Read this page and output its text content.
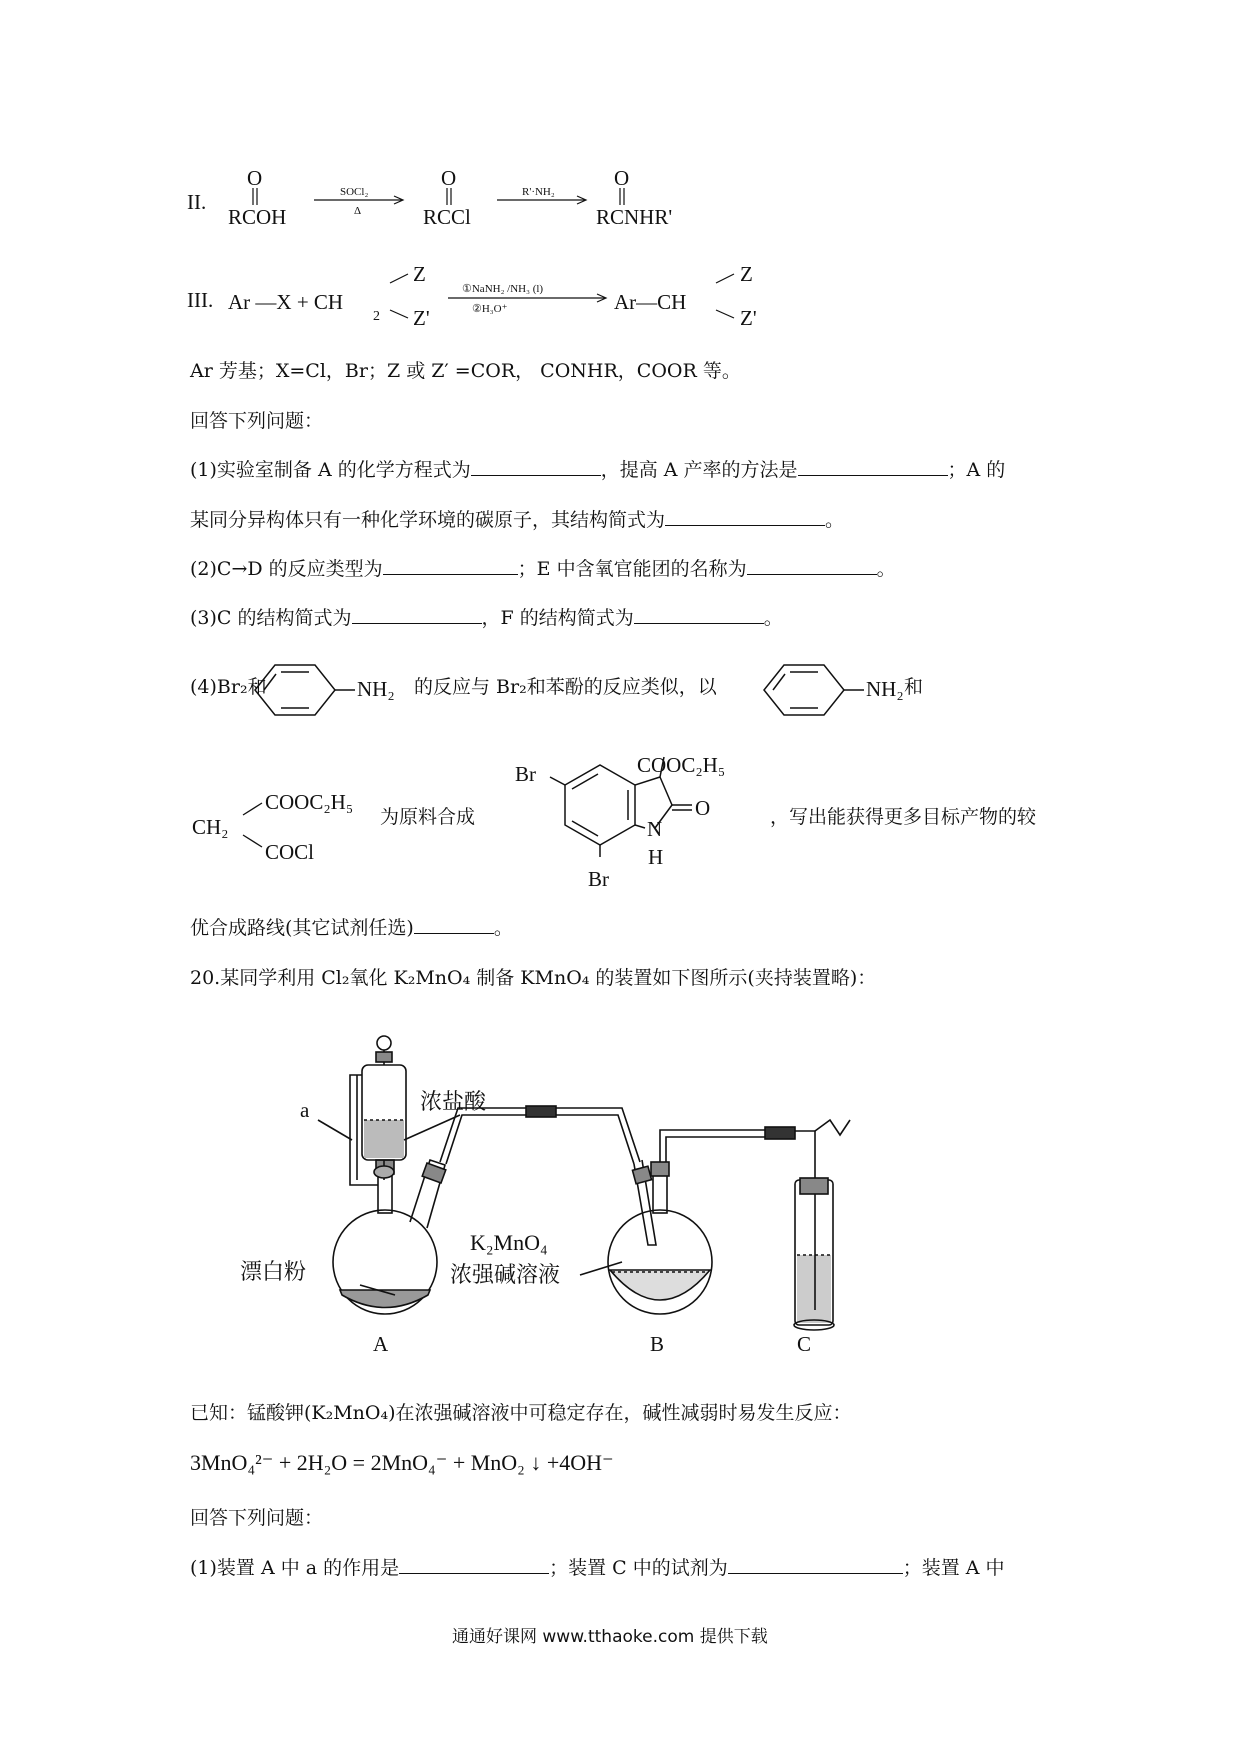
II.
O
RCOH
SOCl₂
Δ
O
RCCl
R'·NH₂
O
RCNHR'
III. Ar —X + CH
2
Z
Z'
①NaNH₂ /NH₃ (l)
②H₃O⁺	Ar—CH
Z
Z'
Ar 芳基；X=Cl，Br；Z 或 Z′ =COR， CONHR，COOR 等。
回答下列问题：
(1)实验室制备 A 的化学方程式为	，提高 A 产率的方法是	；A 的
某同分异构体只有一种化学环境的碳原子，其结构简式为	。
(2)C→D 的反应类型为	；E 中含氧官能团的名称为	。
(3)C 的结构简式为	，F 的结构简式为	。
(4)Br₂和	NH₂ 的反应与 Br₂和苯酚的反应类似，以	NH₂ 和
CH₂
COOC₂H₅
COCl
为原料合成
Br	COOC₂H₅
N
H
O
Br
，写出能获得更多目标产物的较
优合成路线(其它试剂任选)	。
20.某同学利用 Cl₂氧化 K₂MnO₄ 制备 KMnO₄ 的装置如下图所示(夹持装置略)：
a	浓盐酸
漂白粉
K₂MnO₄
浓强碱溶液
A	B	C
已知：锰酸钾(K₂MnO₄)在浓强碱溶液中可稳定存在，碱性减弱时易发生反应：
3MnO₄²⁻ + 2H₂O = 2MnO₄⁻ + MnO₂ ↓ +4OH⁻
回答下列问题：
(1)装置 A 中 a 的作用是	；装置 C 中的试剂为	；装置 A 中
通通好课网 www.tthaoke.com 提供下载
